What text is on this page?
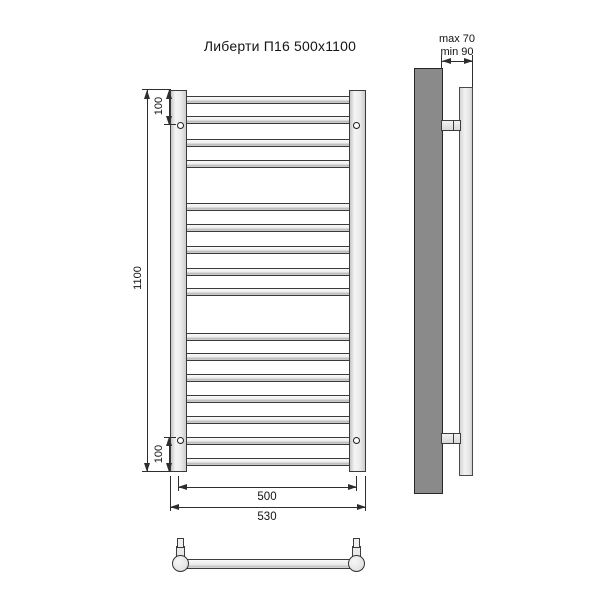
Либерти П16 500x1100
1100
100
100
500
530
max 70
min 90
